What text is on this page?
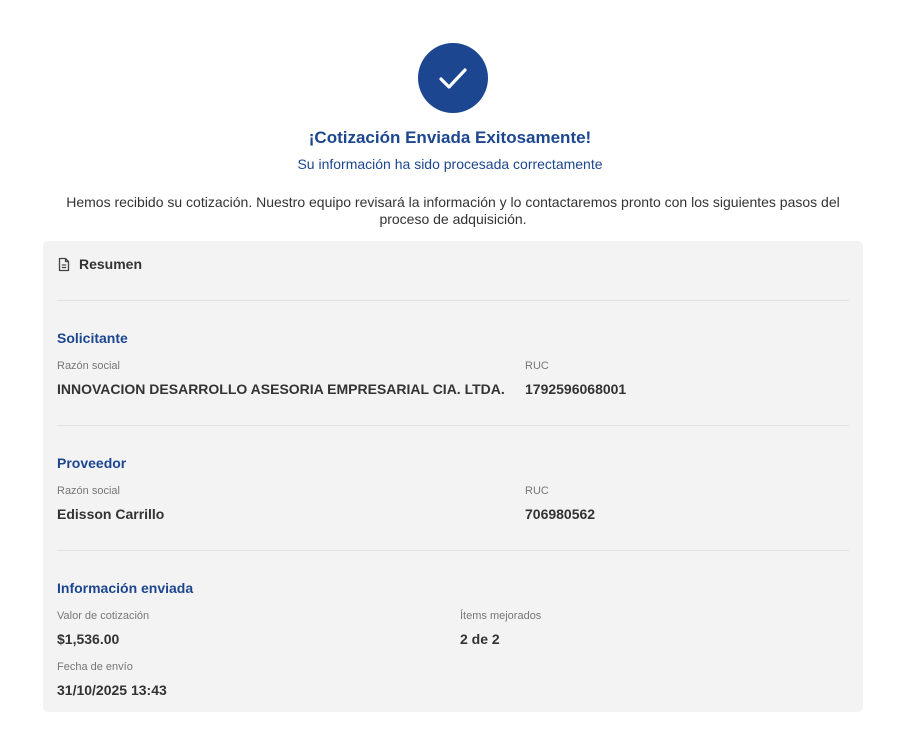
¡Cotización Enviada Exitosamente!

Su información ha sido procesada correctamente

Hemos recibido su cotización. Nuestro equipo revisará la información y lo contactaremos pronto con los siguientes pasos del proceso de adquisición.

Resumen
Solicitante
Razón social
INNOVACION DESARROLLO ASESORIA EMPRESARIAL CIA. LTDA.
RUC
1792596068001
Proveedor
Razón social
Edisson Carrillo
RUC
706980562
Información enviada
Valor de cotización
$1,536.00
Ítems mejorados
2 de 2
Fecha de envío
31/10/2025 13:43
